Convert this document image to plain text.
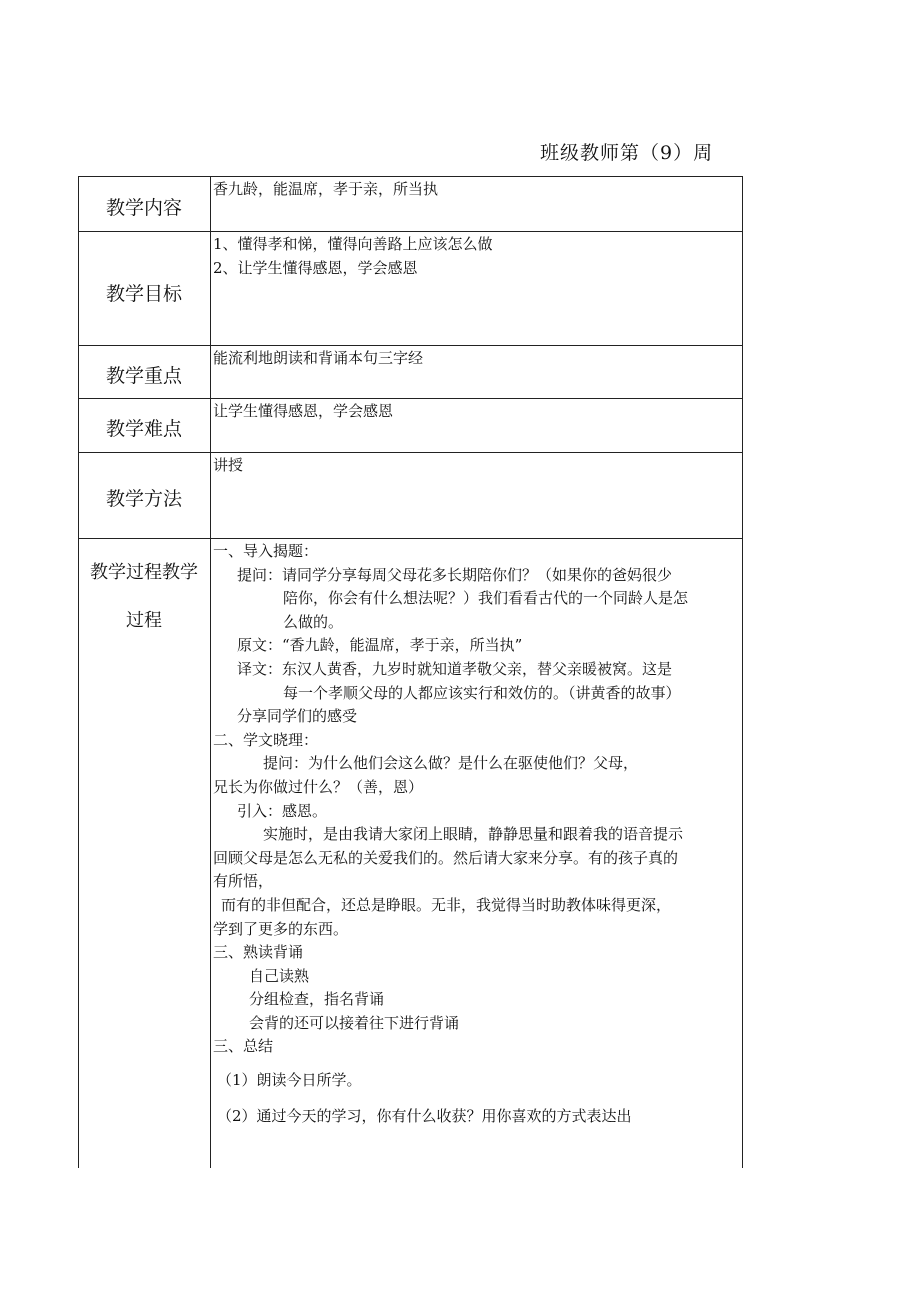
班级教师第（9）周
教学内容

香九龄，能温席，孝于亲，所当执

教学目标

1、懂得孝和悌，懂得向善路上应该怎么做

2、让学生懂得感恩，学会感恩

教学重点

能流利地朗读和背诵本句三字经

教学难点

让学生懂得感恩，学会感恩

教学方法

讲授

教学过程教学
过程

一、导入揭题：

提问：请同学分享每周父母花多长期陪你们？（如果你的爸妈很少

陪你，你会有什么想法呢？）我们看看古代的一个同龄人是怎

么做的。

原文：“香九龄，能温席，孝于亲，所当执”

译文：东汉人黄香，九岁时就知道孝敬父亲，替父亲暖被窝。这是

每一个孝顺父母的人都应该实行和效仿的。（讲黄香的故事）

分享同学们的感受

二、学文晓理：

提问：为什么他们会这么做？是什么在驱使他们？父母，

兄长为你做过什么？（善，恩）

引入：感恩。

实施时，是由我请大家闭上眼睛，静静思量和跟着我的语音提示

回顾父母是怎么无私的关爱我们的。然后请大家来分享。有的孩子真的

有所悟，

而有的非但配合，还总是睁眼。无非，我觉得当时助教体味得更深，

学到了更多的东西。

三、熟读背诵

自己读熟

分组检查，指名背诵

会背的还可以接着往下进行背诵

三、总结

（1）朗读今日所学。

（2）通过今天的学习，你有什么收获？用你喜欢的方式表达出
